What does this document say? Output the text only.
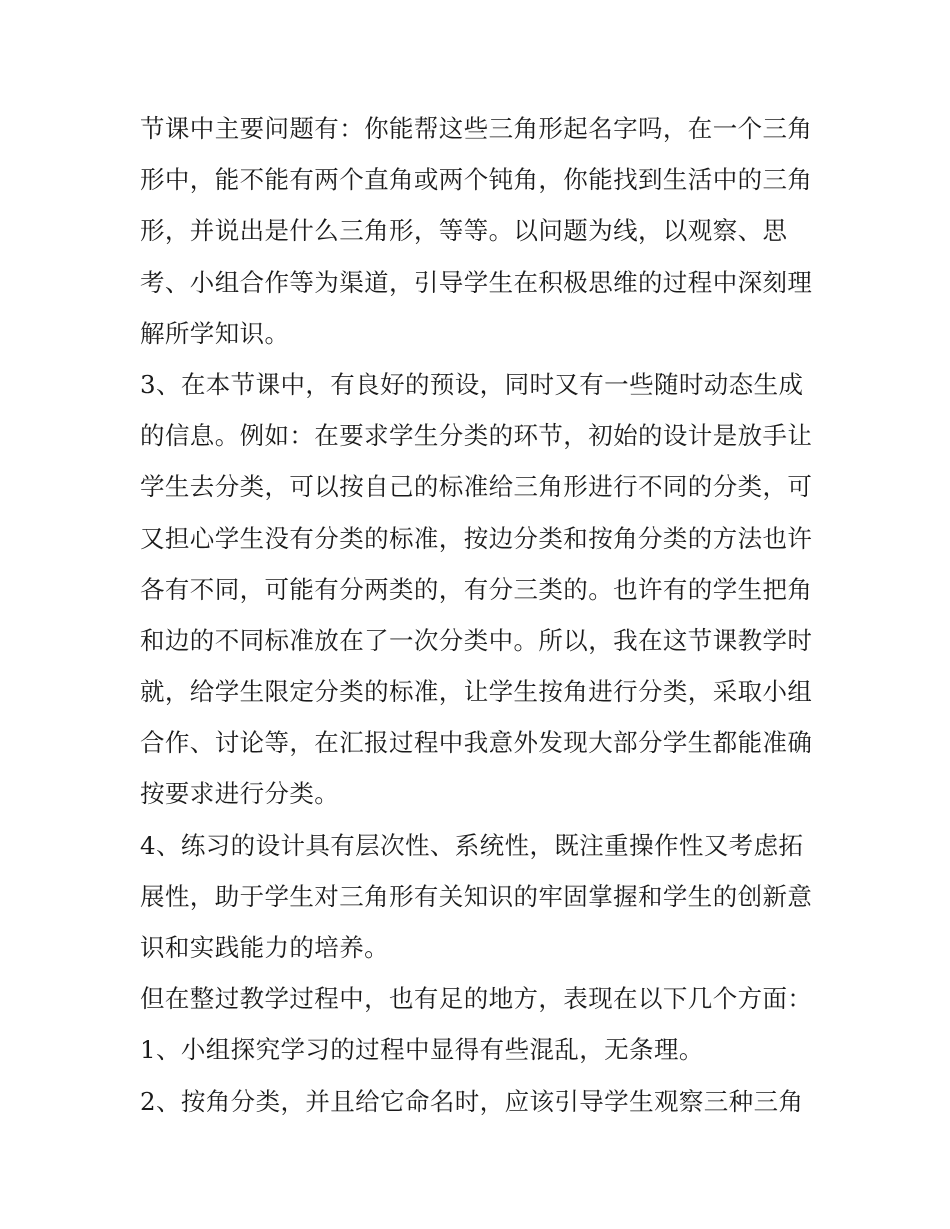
节课中主要问题有：你能帮这些三角形起名字吗，在一个三角
形中，能不能有两个直角或两个钝角，你能找到生活中的三角
形，并说出是什么三角形，等等。以问题为线，以观察、思
考、小组合作等为渠道，引导学生在积极思维的过程中深刻理
解所学知识。
3、在本节课中，有良好的预设，同时又有一些随时动态生成
的信息。例如：在要求学生分类的环节，初始的设计是放手让
学生去分类，可以按自己的标准给三角形进行不同的分类，可
又担心学生没有分类的标准，按边分类和按角分类的方法也许
各有不同，可能有分两类的，有分三类的。也许有的学生把角
和边的不同标准放在了一次分类中。所以，我在这节课教学时
就，给学生限定分类的标准，让学生按角进行分类，采取小组
合作、讨论等，在汇报过程中我意外发现大部分学生都能准确
按要求进行分类。
4、练习的设计具有层次性、系统性，既注重操作性又考虑拓
展性，助于学生对三角形有关知识的牢固掌握和学生的创新意
识和实践能力的培养。
但在整过教学过程中，也有足的地方，表现在以下几个方面：
1、小组探究学习的过程中显得有些混乱，无条理。
2、按角分类，并且给它命名时，应该引导学生观察三种三角
